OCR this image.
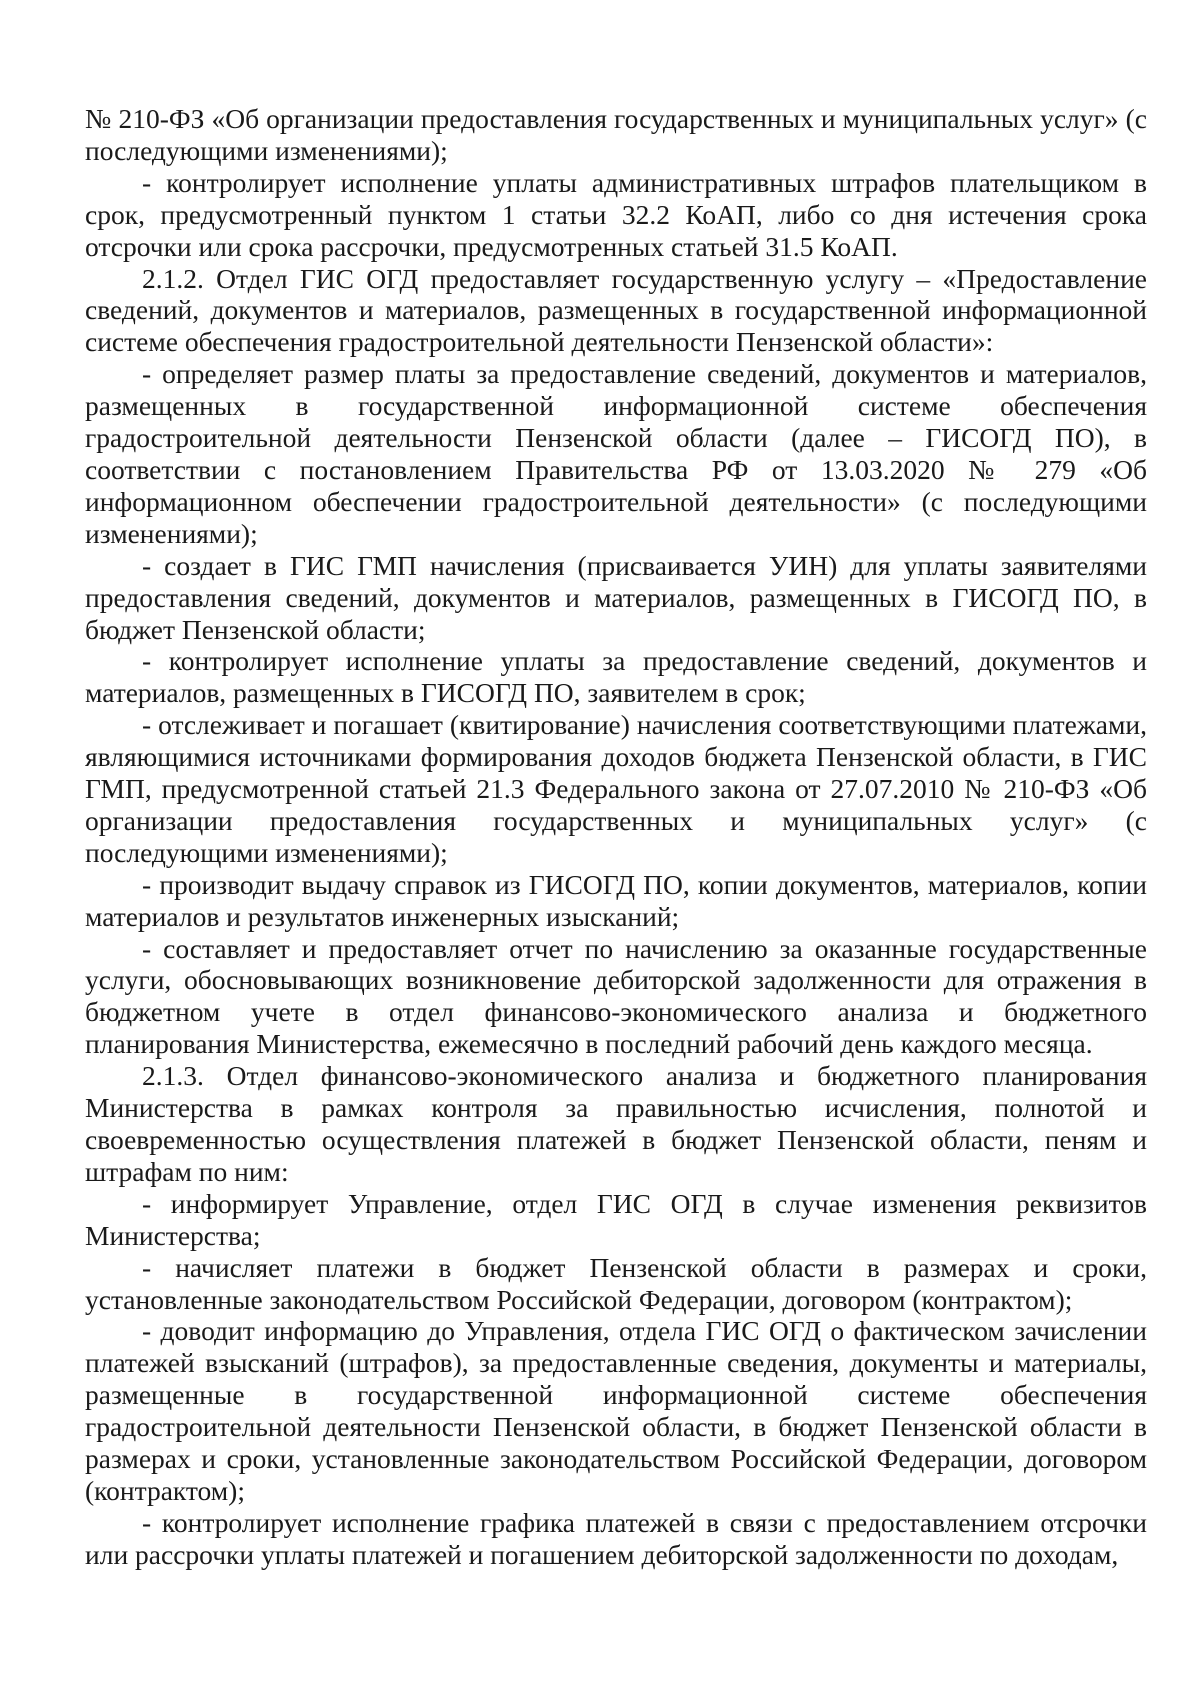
№ 210-ФЗ «Об организации предоставления государственных и муниципальных услуг» (с последующими изменениями);

- контролирует исполнение уплаты административных штрафов плательщиком в срок, предусмотренный пунктом 1 статьи 32.2 КоАП, либо со дня истечения срока отсрочки или срока рассрочки, предусмотренных статьей 31.5 КоАП.

2.1.2. Отдел ГИС ОГД предоставляет государственную услугу – «Предоставление сведений, документов и материалов, размещенных в государственной информационной системе обеспечения градостроительной деятельности Пензенской области»:

- определяет размер платы за предоставление сведений, документов и материалов, размещенных в государственной информационной системе обеспечения градостроительной деятельности Пензенской области (далее – ГИСОГД ПО), в соответствии с постановлением Правительства РФ от 13.03.2020 № 279 «Об информационном обеспечении градостроительной деятельности» (с последующими изменениями);

- создает в ГИС ГМП начисления (присваивается УИН) для уплаты заявителями предоставления сведений, документов и материалов, размещенных в ГИСОГД ПО, в бюджет Пензенской области;

- контролирует исполнение уплаты за предоставление сведений, документов и материалов, размещенных в ГИСОГД ПО, заявителем в срок;

- отслеживает и погашает (квитирование) начисления соответствующими платежами, являющимися источниками формирования доходов бюджета Пензенской области, в ГИС ГМП, предусмотренной статьей 21.3 Федерального закона от 27.07.2010 № 210-ФЗ «Об организации предоставления государственных и муниципальных услуг» (с последующими изменениями);

- производит выдачу справок из ГИСОГД ПО, копии документов, материалов, копии материалов и результатов инженерных изысканий;

- составляет и предоставляет отчет по начислению за оказанные государственные услуги, обосновывающих возникновение дебиторской задолженности для отражения в бюджетном учете в отдел финансово-экономического анализа и бюджетного планирования Министерства, ежемесячно в последний рабочий день каждого месяца.

2.1.3. Отдел финансово-экономического анализа и бюджетного планирования Министерства в рамках контроля за правильностью исчисления, полнотой и своевременностью осуществления платежей в бюджет Пензенской области, пеням и штрафам по ним:

- информирует Управление, отдел ГИС ОГД в случае изменения реквизитов Министерства;

- начисляет платежи в бюджет Пензенской области в размерах и сроки, установленные законодательством Российской Федерации, договором (контрактом);

- доводит информацию до Управления, отдела ГИС ОГД о фактическом зачислении платежей взысканий (штрафов), за предоставленные сведения, документы и материалы, размещенные в государственной информационной системе обеспечения градостроительной деятельности Пензенской области, в бюджет Пензенской области в размерах и сроки, установленные законодательством Российской Федерации, договором (контрактом);

- контролирует исполнение графика платежей в связи с предоставлением отсрочки или рассрочки уплаты платежей и погашением дебиторской задолженности по доходам,
